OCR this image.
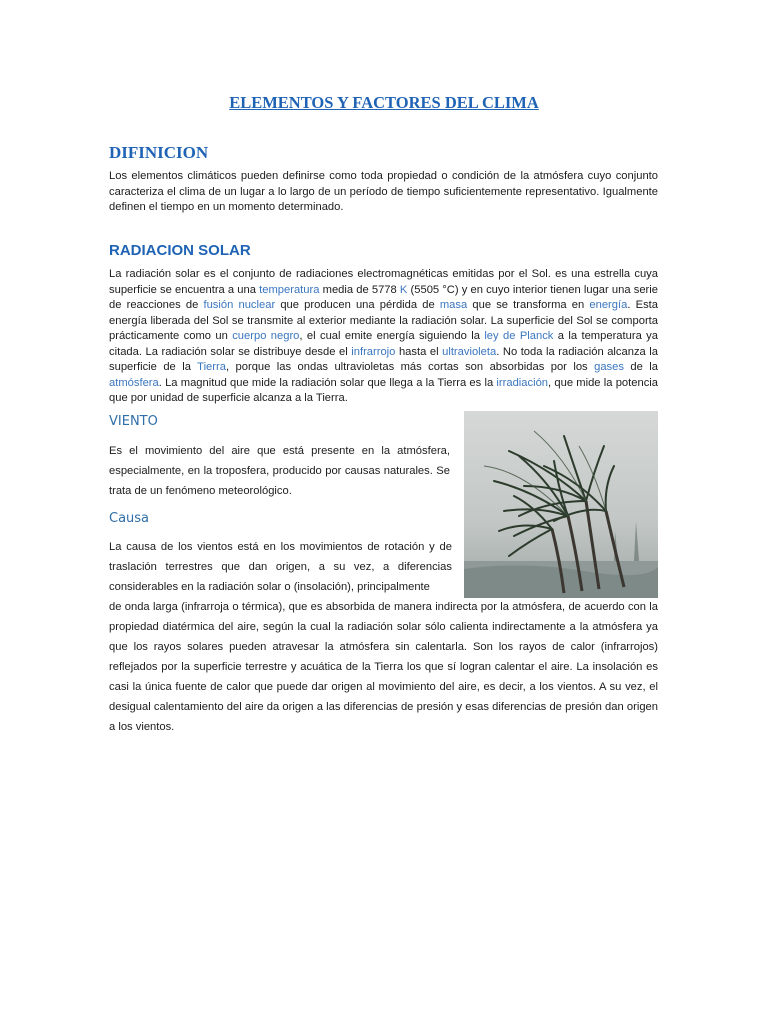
ELEMENTOS Y FACTORES DEL CLIMA
DIFINICION

Los elementos climáticos pueden definirse como toda propiedad o condición de la atmósfera cuyo conjunto caracteriza el clima de un lugar a lo largo de un período de tiempo suficientemente representativo. Igualmente definen el tiempo en un momento determinado.

RADIACION SOLAR

La radiación solar es el conjunto de radiaciones electromagnéticas emitidas por el Sol. es una estrella cuya superficie se encuentra a una temperatura media de 5778 K (5505 °C) y en cuyo interior tienen lugar una serie de reacciones de fusión nuclear que producen una pérdida de masa que se transforma en energía. Esta energía liberada del Sol se transmite al exterior mediante la radiación solar. La superficie del Sol se comporta prácticamente como un cuerpo negro, el cual emite energía siguiendo la ley de Planck a la temperatura ya citada. La radiación solar se distribuye desde el infrarrojo hasta el ultravioleta. No toda la radiación alcanza la superficie de la Tierra, porque las ondas ultravioletas más cortas son absorbidas por los gases de la atmósfera. La magnitud que mide la radiación solar que llega a la Tierra es la irradiación, que mide la potencia que por unidad de superficie alcanza a la Tierra.

VIENTO

Es el movimiento del aire que está presente en la atmósfera, especialmente, en la troposfera, producido por causas naturales. Se trata de un fenómeno meteorológico.

Causa

La causa de los vientos está en los movimientos de rotación y de traslación terrestres que dan origen, a su vez, a diferencias considerables en la radiación solar o (insolación), principalmente

de onda larga (infrarroja o térmica), que es absorbida de manera indirecta por la atmósfera, de acuerdo con la propiedad diatérmica del aire, según la cual la radiación solar sólo calienta indirectamente a la atmósfera ya que los rayos solares pueden atravesar la atmósfera sin calentarla. Son los rayos de calor (infrarrojos) reflejados por la superficie terrestre y acuática de la Tierra los que sí logran calentar el aire. La insolación es casi la única fuente de calor que puede dar origen al movimiento del aire, es decir, a los vientos. A su vez, el desigual calentamiento del aire da origen a las diferencias de presión y esas diferencias de presión dan origen a los vientos.
